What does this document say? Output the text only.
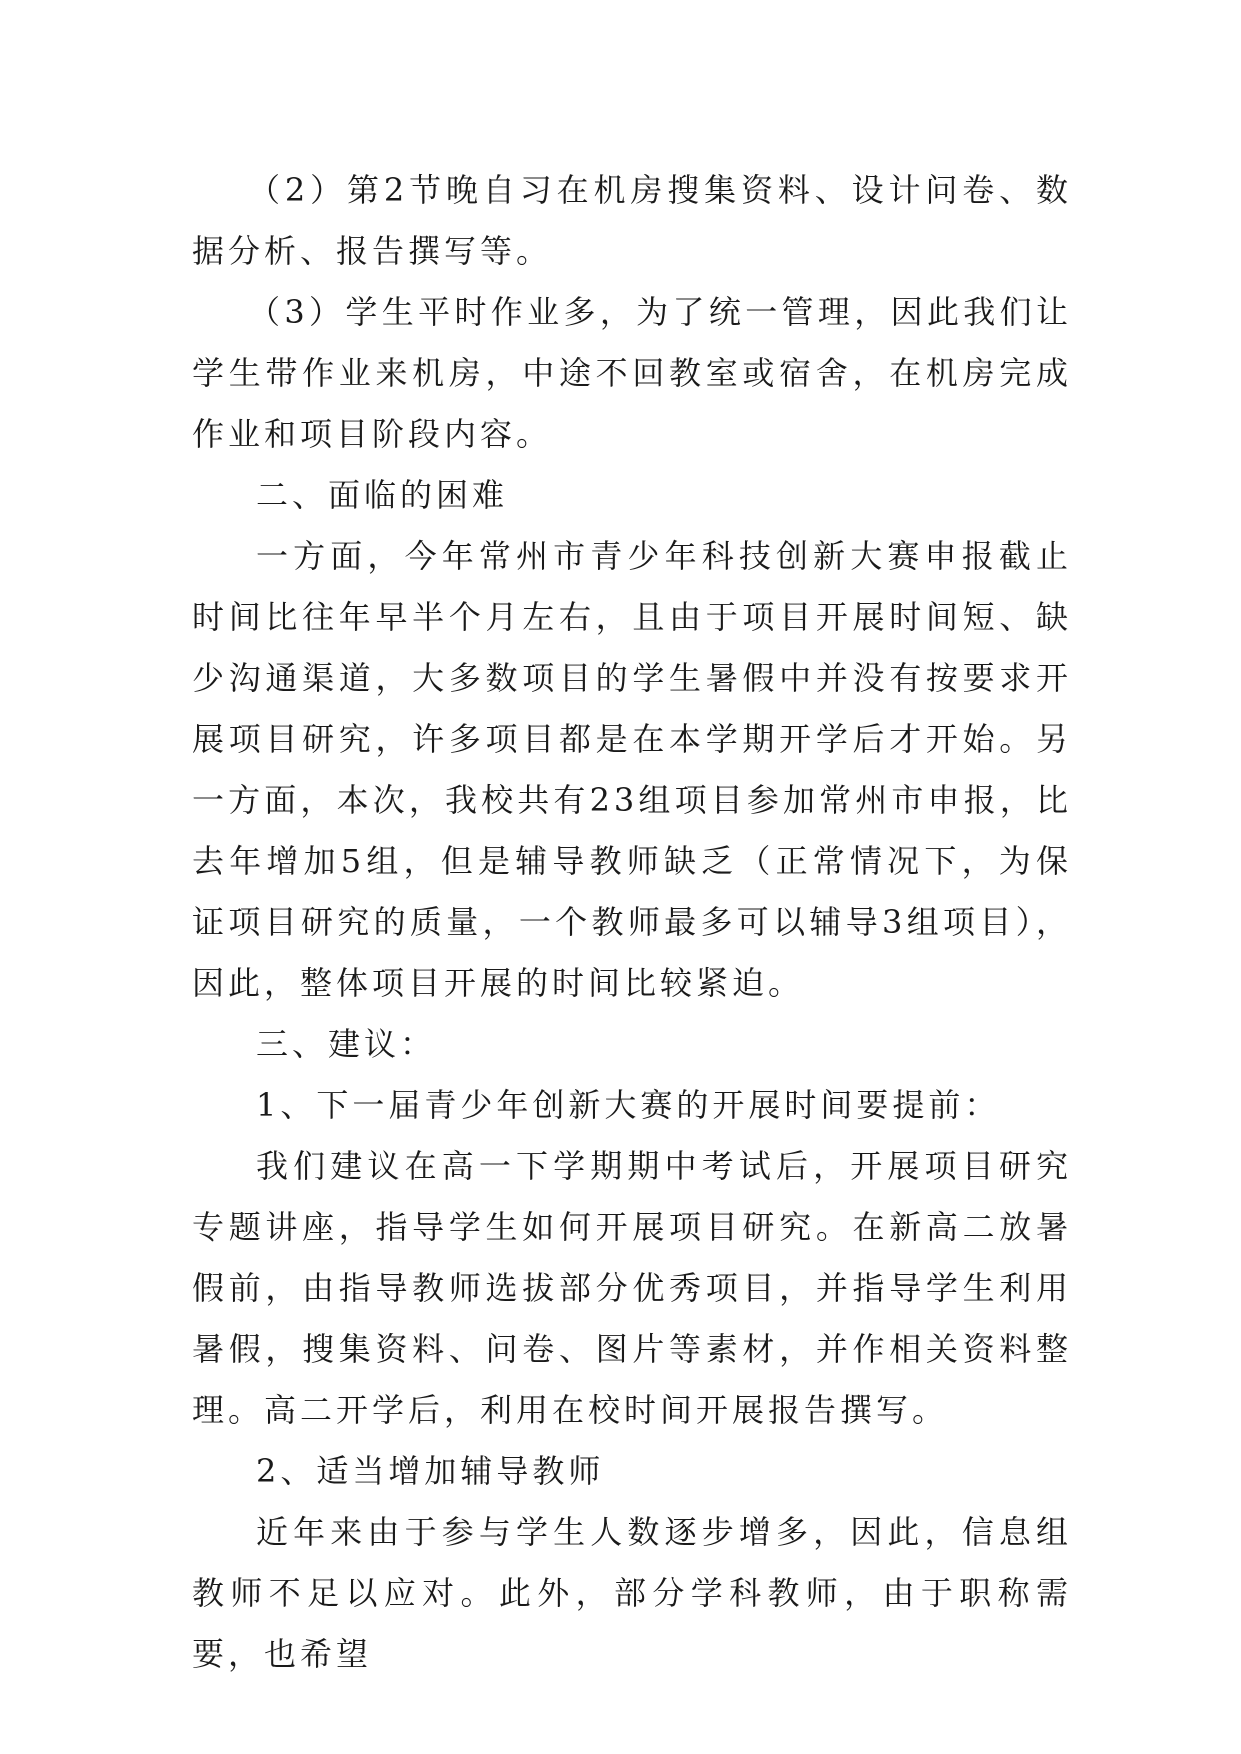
（2）第2节晚自习在机房搜集资料、设计问卷、数据分析、报告撰写等。

（3）学生平时作业多，为了统一管理，因此我们让学生带作业来机房，中途不回教室或宿舍，在机房完成作业和项目阶段内容。

二、面临的困难

一方面，今年常州市青少年科技创新大赛申报截止时间比往年早半个月左右，且由于项目开展时间短、缺少沟通渠道，大多数项目的学生暑假中并没有按要求开展项目研究，许多项目都是在本学期开学后才开始。另一方面，本次，我校共有23组项目参加常州市申报，比去年增加5组，但是辅导教师缺乏（正常情况下，为保证项目研究的质量，一个教师最多可以辅导3组项目），因此，整体项目开展的时间比较紧迫。

三、建议：

1、下一届青少年创新大赛的开展时间要提前：

我们建议在高一下学期期中考试后，开展项目研究专题讲座，指导学生如何开展项目研究。在新高二放暑假前，由指导教师选拔部分优秀项目，并指导学生利用暑假，搜集资料、问卷、图片等素材，并作相关资料整理。高二开学后，利用在校时间开展报告撰写。

2、适当增加辅导教师

近年来由于参与学生人数逐步增多，因此，信息组教师不足以应对。此外，部分学科教师，由于职称需要，也希望
